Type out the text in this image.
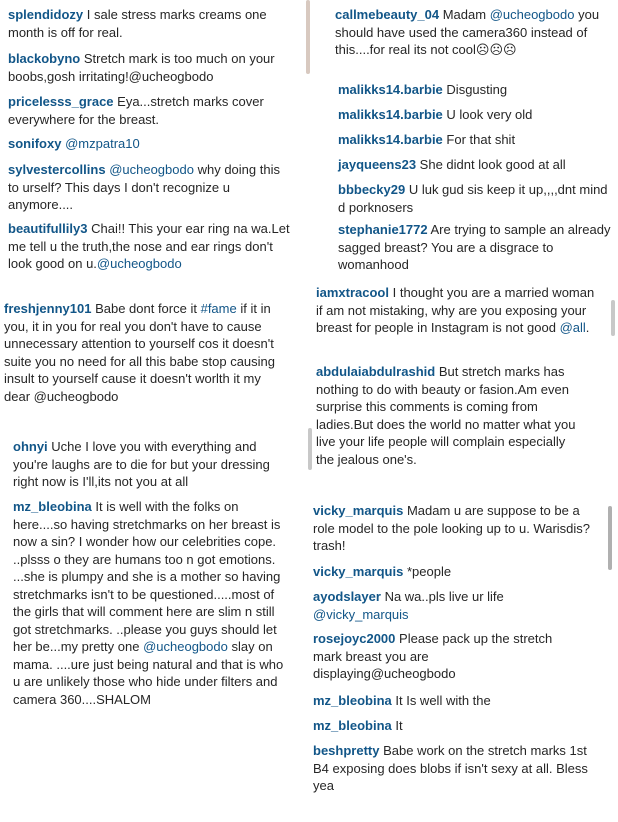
splendidozy I sale stress marks creams one month is off for real.
blackobyno Stretch mark is too much on your boobs,gosh irritating!@ucheogbodo
pricelesss_grace Eya...stretch marks cover everywhere for the breast.
sonifoxy @mzpatra10
sylvestercollins @ucheogbodo why doing this to urself? This days I don't recognize u anymore....
beautifullily3 Chai!! This your ear ring na wa.Let me tell u the truth,the nose and ear rings don't look good on u.@ucheogbodo
freshjenny101 Babe dont force it #fame if it in you, it in you for real you don't have to cause unnecessary attention to yourself cos it doesn't suite you no need for all this babe stop causing insult to yourself cause it doesn't worlth it my dear @ucheogbodo
ohnyi Uche I love you with everything and you're laughs are to die for but your dressing right now is I'll,its not you at all
mz_bleobina It is well with the folks on here....so having stretchmarks on her breast is now a sin? I wonder how our celebrities cope. ..plsss o they are humans too n got emotions. ...she is plumpy and she is a mother so having stretchmarks isn't to be questioned.....most of the girls that will comment here are slim n still got stretchmarks. ..please you guys should let her be...my pretty one @ucheogbodo slay on mama. ....ure just being natural and that is who u are unlikely those who hide under filters and camera 360....SHALOM
callmebeauty_04 Madam @ucheogbodo you should have used the camera360 instead of this....for real its not cool☹☹☹
malikks14.barbie Disgusting
malikks14.barbie U look very old
malikks14.barbie For that shit
jayqueens23 She didnt look good at all
bbbecky29 U luk gud sis keep it up,,,,dnt mind d porknosers
stephanie1772 Are trying to sample an already sagged breast? You are a disgrace to womanhood
iamxtracool I thought you are a married woman if am not mistaking, why are you exposing your breast for people in Instagram is not good @all.
abdulaiabdulrashid But stretch marks has nothing to do with beauty or fasion.Am even surprise this comments is coming from ladies.But does the world no matter what you live your life people will complain especially the jealous one's.
vicky_marquis Madam u are suppose to be a role model to the pole looking up to u. Warisdis? trash!
vicky_marquis *people
ayodslayer Na wa..pls live ur life @vicky_marquis
rosejoyc2000 Please pack up the stretch mark breast you are displaying@ucheogbodo
mz_bleobina It Is well with the
mz_bleobina It
beshpretty Babe work on the stretch marks 1st B4 exposing does blobs if isn't sexy at all. Bless yea
